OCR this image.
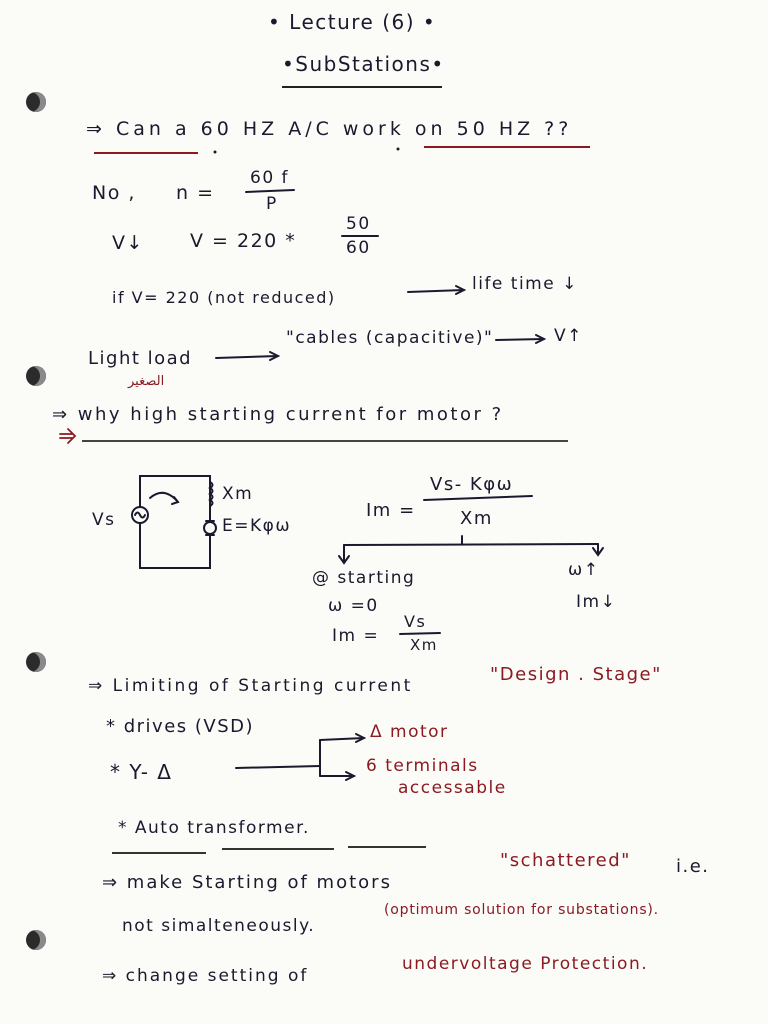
• Lecture (6) •
•SubStations•
⇒ Can a 60 HZ A/C work on 50 HZ ??
No , n =
60 f
P
V↓ V = 220 *
50
60
if V= 220 (not reduced)
life time ↓
Light load
الصغير
"cables (capacitive)"	V↑
⇒ why high starting current for motor ?
Vs
Xm
E=Kφω
Im =
Vs- Kφω
Xm
@ starting
ω =0
Im =
Vs
Xm
ω↑
Im↓
⇒ Limiting of Starting current
"Design . Stage"
* drives (VSD)	Δ motor
* Y- Δ	6 terminals
accessable
* Auto transformer.
⇒ make Starting of motors
"schattered"	i.e.
not simalteneously.
(optimum solution for substations).
⇒ change setting of
undervoltage Protection.
